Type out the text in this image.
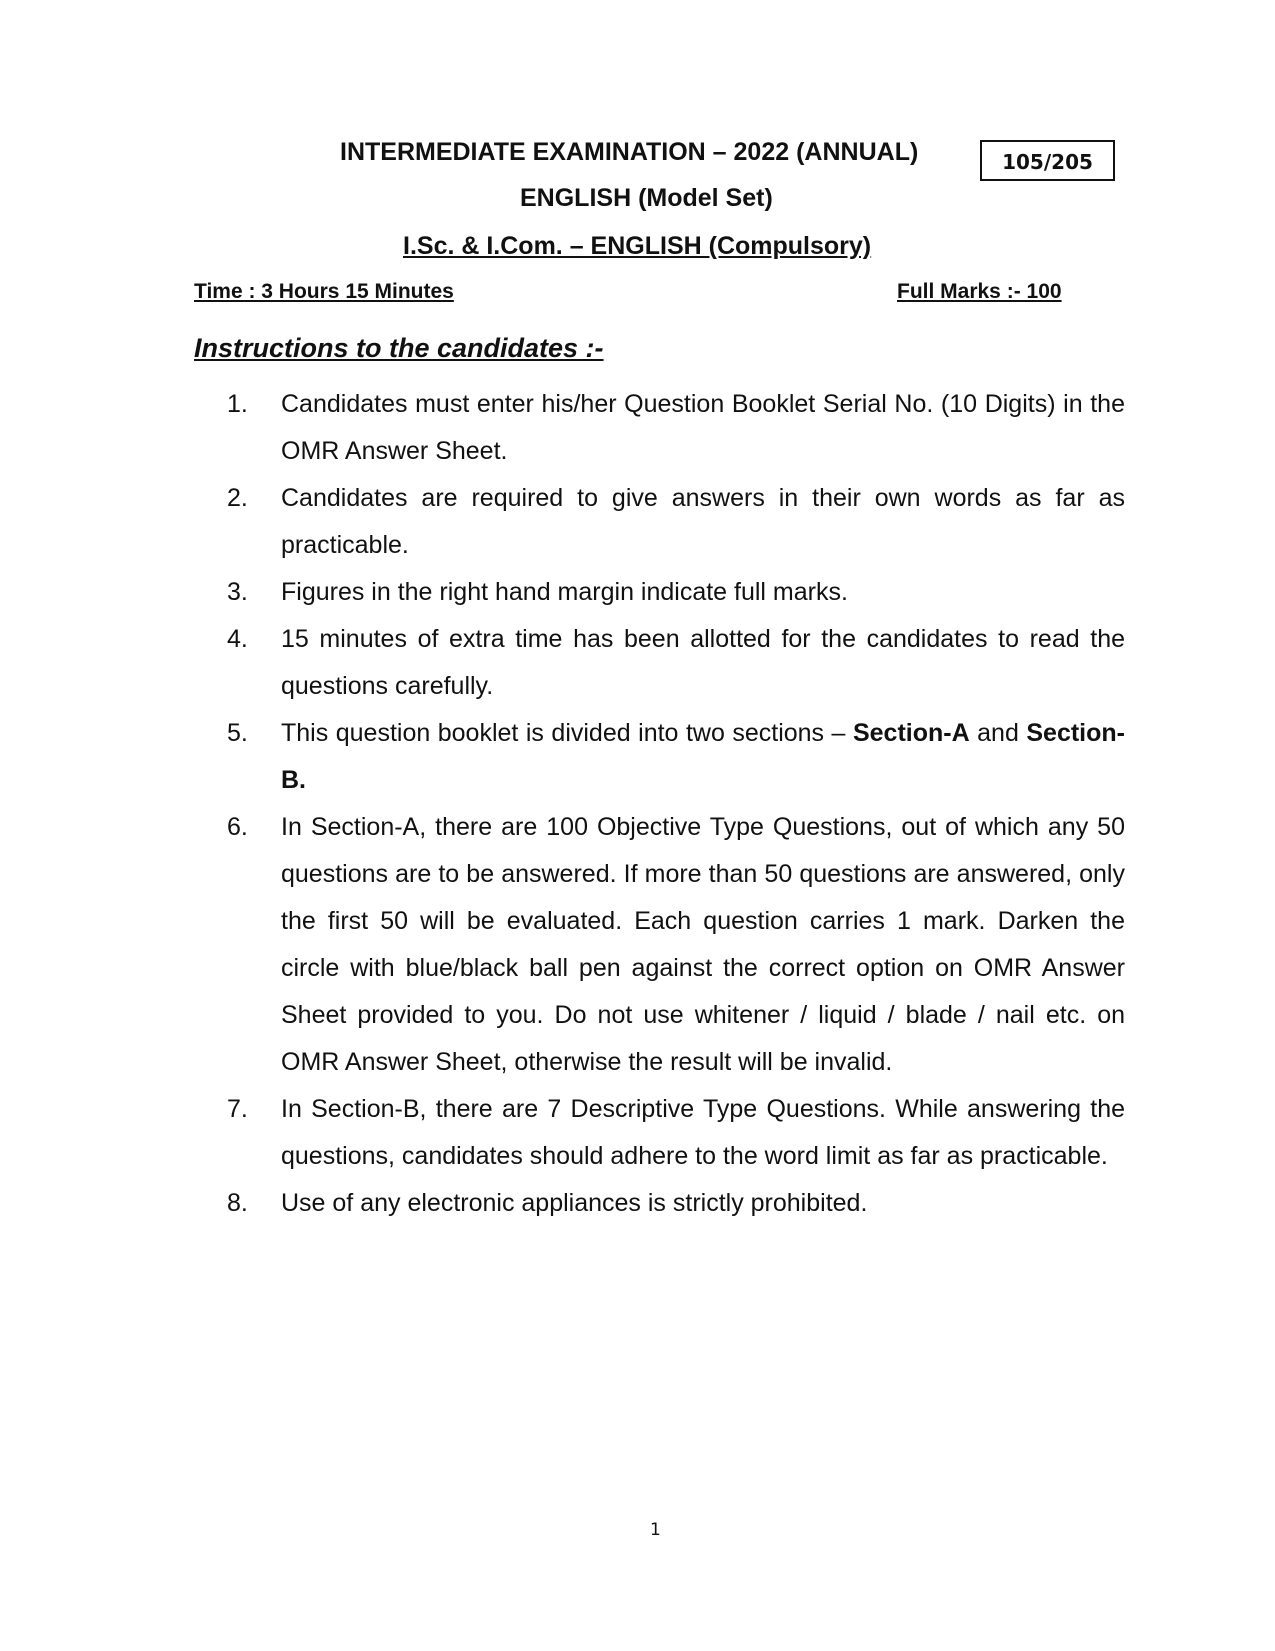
INTERMEDIATE EXAMINATION – 2022 (ANNUAL)	105/205
ENGLISH (Model Set)
I.Sc. & I.Com. – ENGLISH (Compulsory)
Time : 3 Hours 15 Minutes	Full Marks :- 100
Instructions to the candidates :-
1. Candidates must enter his/her Question Booklet Serial No. (10 Digits) in the OMR Answer Sheet.
2. Candidates are required to give answers in their own words as far as practicable.
3. Figures in the right hand margin indicate full marks.
4. 15 minutes of extra time has been allotted for the candidates to read the questions carefully.
5. This question booklet is divided into two sections – Section-A and Section-B.
6. In Section-A, there are 100 Objective Type Questions, out of which any 50 questions are to be answered. If more than 50 questions are answered, only the first 50 will be evaluated. Each question carries 1 mark. Darken the circle with blue/black ball pen against the correct option on OMR Answer Sheet provided to you. Do not use whitener / liquid / blade / nail etc. on OMR Answer Sheet, otherwise the result will be invalid.
7. In Section-B, there are 7 Descriptive Type Questions. While answering the questions, candidates should adhere to the word limit as far as practicable.
8. Use of any electronic appliances is strictly prohibited.
1
